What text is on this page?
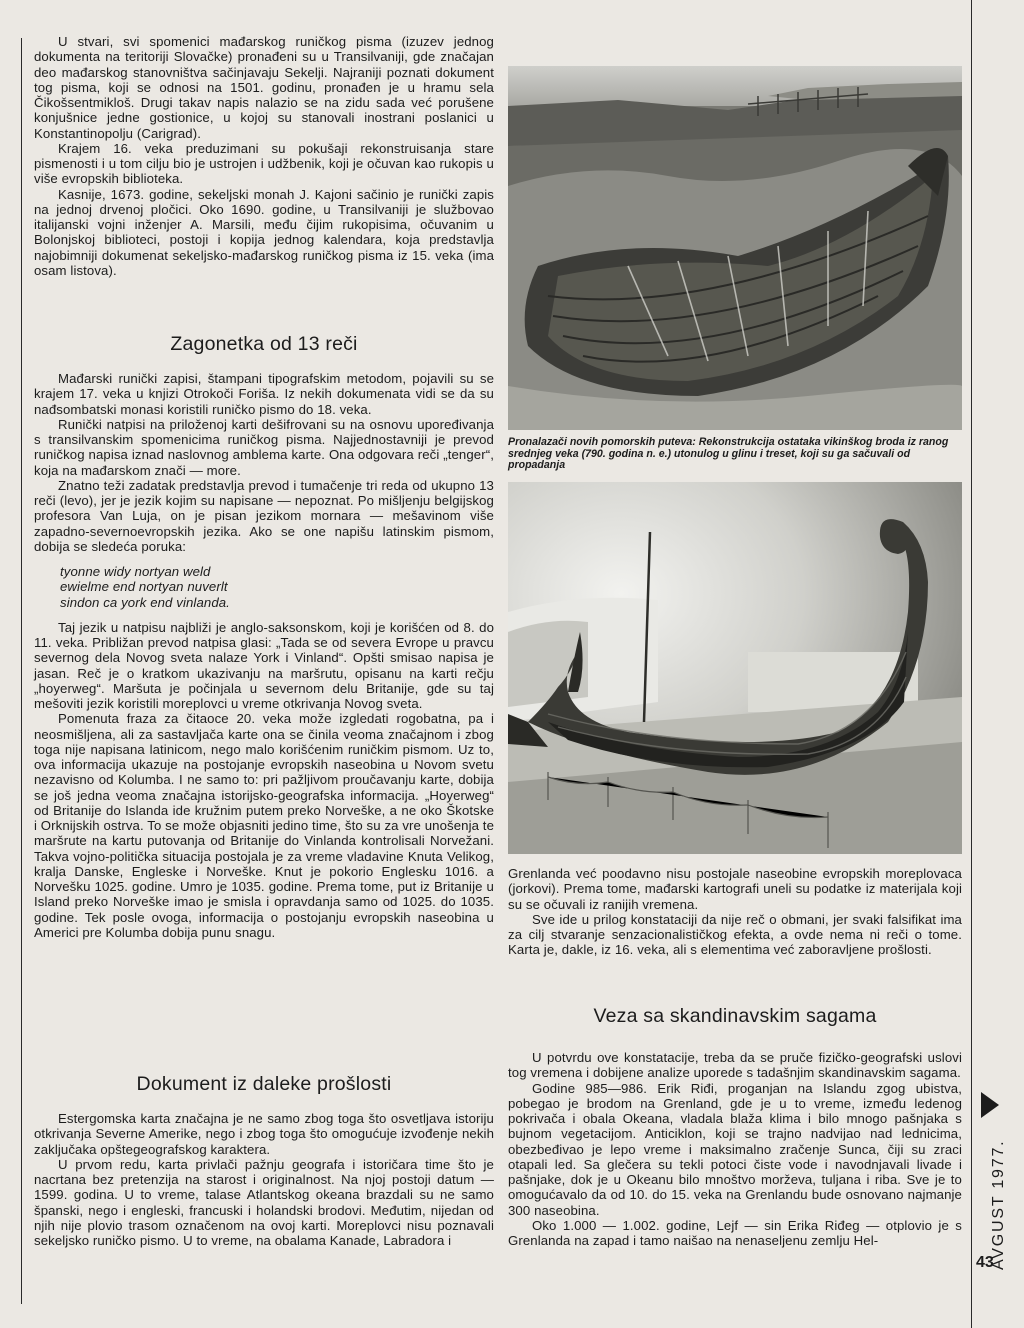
U stvari, svi spomenici mađarskog runičkog pisma (izuzev jednog dokumenta na teritoriji Slovačke) pronađeni su u Transilvaniji, gde značajan deo mađarskog stanovništva sačinjavaju Sekelji. Najraniji poznati dokument tog pisma, koji se odnosi na 1501. godinu, pronađen je u hramu sela Čikošsentmikloš. Drugi takav napis nalazio se na zidu sada već porušene konjušnice jedne gostionice, u kojoj su stanovali inostrani poslanici u Konstantinopolju (Carigrad).

Krajem 16. veka preduzimani su pokušaji rekonstruisanja stare pismenosti i u tom cilju bio je ustrojen i udžbenik, koji je očuvan kao rukopis u više evropskih biblioteka.

Kasnije, 1673. godine, sekeljski monah J. Kajoni sačinio je runički zapis na jednoj drvenoj pločici. Oko 1690. godine, u Transilvaniji je službovao italijanski vojni inženjer A. Marsili, među čijim rukopisima, očuvanim u Bolonjskoj biblioteci, postoji i kopija jednog kalendara, koja predstavlja najobimniji dokumenat sekeljsko-mađarskog runičkog pisma iz 15. veka (ima osam listova).

Zagonetka od 13 reči

Mađarski runički zapisi, štampani tipografskim metodom, pojavili su se krajem 17. veka u knjizi Otrokoči Foriša. Iz nekih dokumenata vidi se da su nađsombatski monasi koristili runičko pismo do 18. veka.

Runički natpisi na priloženoj karti dešifrovani su na osnovu upoređivanja s transilvanskim spomenicima runičkog pisma. Najjednostavniji je prevod runičkog napisa iznad naslovnog amblema karte. Ona odgovara reči „tenger“, koja na mađarskom znači — more.

Znatno teži zadatak predstavlja prevod i tumačenje tri reda od ukupno 13 reči (levo), jer je jezik kojim su napisane — nepoznat. Po mišljenju belgijskog profesora Van Luja, on je pisan jezikom mornara — mešavinom više zapadno-severnoevropskih jezika. Ako se one napišu latinskim pismom, dobija se sledeća poruka:

tyonne widy nortyan weld
ewielme end nortyan nuverlt
sindon ca york end vinlanda.

Taj jezik u natpisu najbliži je anglo-saksonskom, koji je korišćen od 8. do 11. veka. Približan prevod natpisa glasi: „Tada se od severa Evrope u pravcu severnog dela Novog sveta nalaze York i Vinland“. Opšti smisao napisa je jasan. Reč je o kratkom ukazivanju na maršrutu, opisanu na karti rečju „hoyerweg“. Maršuta je počinjala u severnom delu Britanije, gde su taj mešoviti jezik koristili moreplovci u vreme otkrivanja Novog sveta.

Pomenuta fraza za čitaoce 20. veka može izgledati rogobatna, pa i neosmišljena, ali za sastavljača karte ona se činila veoma značajnom i zbog toga nije napisana latinicom, nego malo korišćenim runičkim pismom. Uz to, ova informacija ukazuje na postojanje evropskih naseobina u Novom svetu nezavisno od Kolumba. I ne samo to: pri pažljivom proučavanju karte, dobija se još jedna veoma značajna istorijsko-geografska informacija. „Hoyerweg“ od Britanije do Islanda ide kružnim putem preko Norveške, a ne oko Škotske i Orknijskih ostrva. To se može objasniti jedino time, što su za vre unošenja te maršrute na kartu putovanja od Britanije do Vinlanda kontrolisali Norvežani. Takva vojno-politička situacija postojala je za vreme vladavine Knuta Velikog, kralja Danske, Engleske i Norveške. Knut je pokorio Englesku 1016. a Norvešku 1025. godine. Umro je 1035. godine. Prema tome, put iz Britanije u Island preko Norveške imao je smisla i opravdanja samo od 1025. do 1035. godine. Tek posle ovoga, informacija o postojanju evropskih naseobina u Americi pre Kolumba dobija punu snagu.

Dokument iz daleke prošlosti

Estergomska karta značajna je ne samo zbog toga što osvetljava istoriju otkrivanja Severne Amerike, nego i zbog toga što omogućuje izvođenje nekih zaključaka opštegeografskog karaktera.

U prvom redu, karta privlači pažnju geografa i istoričara time što je nacrtana bez pretenzija na starost i originalnost. Na njoj postoji datum — 1599. godina. U to vreme, talase Atlantskog okeana brazdali su ne samo španski, nego i engleski, francuski i holandski brodovi. Međutim, nijedan od njih nije plovio trasom označenom na ovoj karti. Moreplovci nisu poznavali sekeljsko runičko pismo. U to vreme, na obalama Kanade, Labradora i

Pronalazači novih pomorskih puteva: Rekonstrukcija ostataka vikinškog broda iz ranog srednjeg veka (790. godina n. e.) utonulog u glinu i treset, koji su ga sačuvali od propadanja

Grenlanda već poodavno nisu postojale naseobine evropskih moreplovaca (jorkovi). Prema tome, mađarski kartografi uneli su podatke iz materijala koji su se očuvali iz ranijih vremena.

Sve ide u prilog konstataciji da nije reč o obmani, jer svaki falsifikat ima za cilj stvaranje senzacionalističkog efekta, a ovde nema ni reči o tome. Karta je, dakle, iz 16. veka, ali s elementima već zaboravljene prošlosti.

Veza sa skandinavskim sagama

U potvrdu ove konstatacije, treba da se pruče fizičko-geografski uslovi tog vremena i dobijene analize uporede s tadašnjim skandinavskim sagama.

Godine 985—986. Erik Riđi, proganjan na Islandu zgog ubistva, pobegao je brodom na Grenland, gde je u to vreme, između ledenog pokrivača i obala Okeana, vladala blaža klima i bilo mnogo pašnjaka s bujnom vegetacijom. Anticiklon, koji se trajno nadvijao nad lednicima, obezbeđivao je lepo vreme i maksimalno zračenje Sunca, čiji su zraci otapali led. Sa glečera su tekli potoci čiste vode i navodnjavali livade i pašnjake, dok je u Okeanu bilo mnoštvo morževa, tuljana i riba. Sve je to omogućavalo da od 10. do 15. veka na Grenlandu bude osnovano najmanje 300 naseobina.

Oko 1.000 — 1.002. godine, Lejf — sin Erika Riđeg — otplovio je s Grenlanda na zapad i tamo naišao na nenaseljenu zemlju Hel-	AVGUST 1977.
43
